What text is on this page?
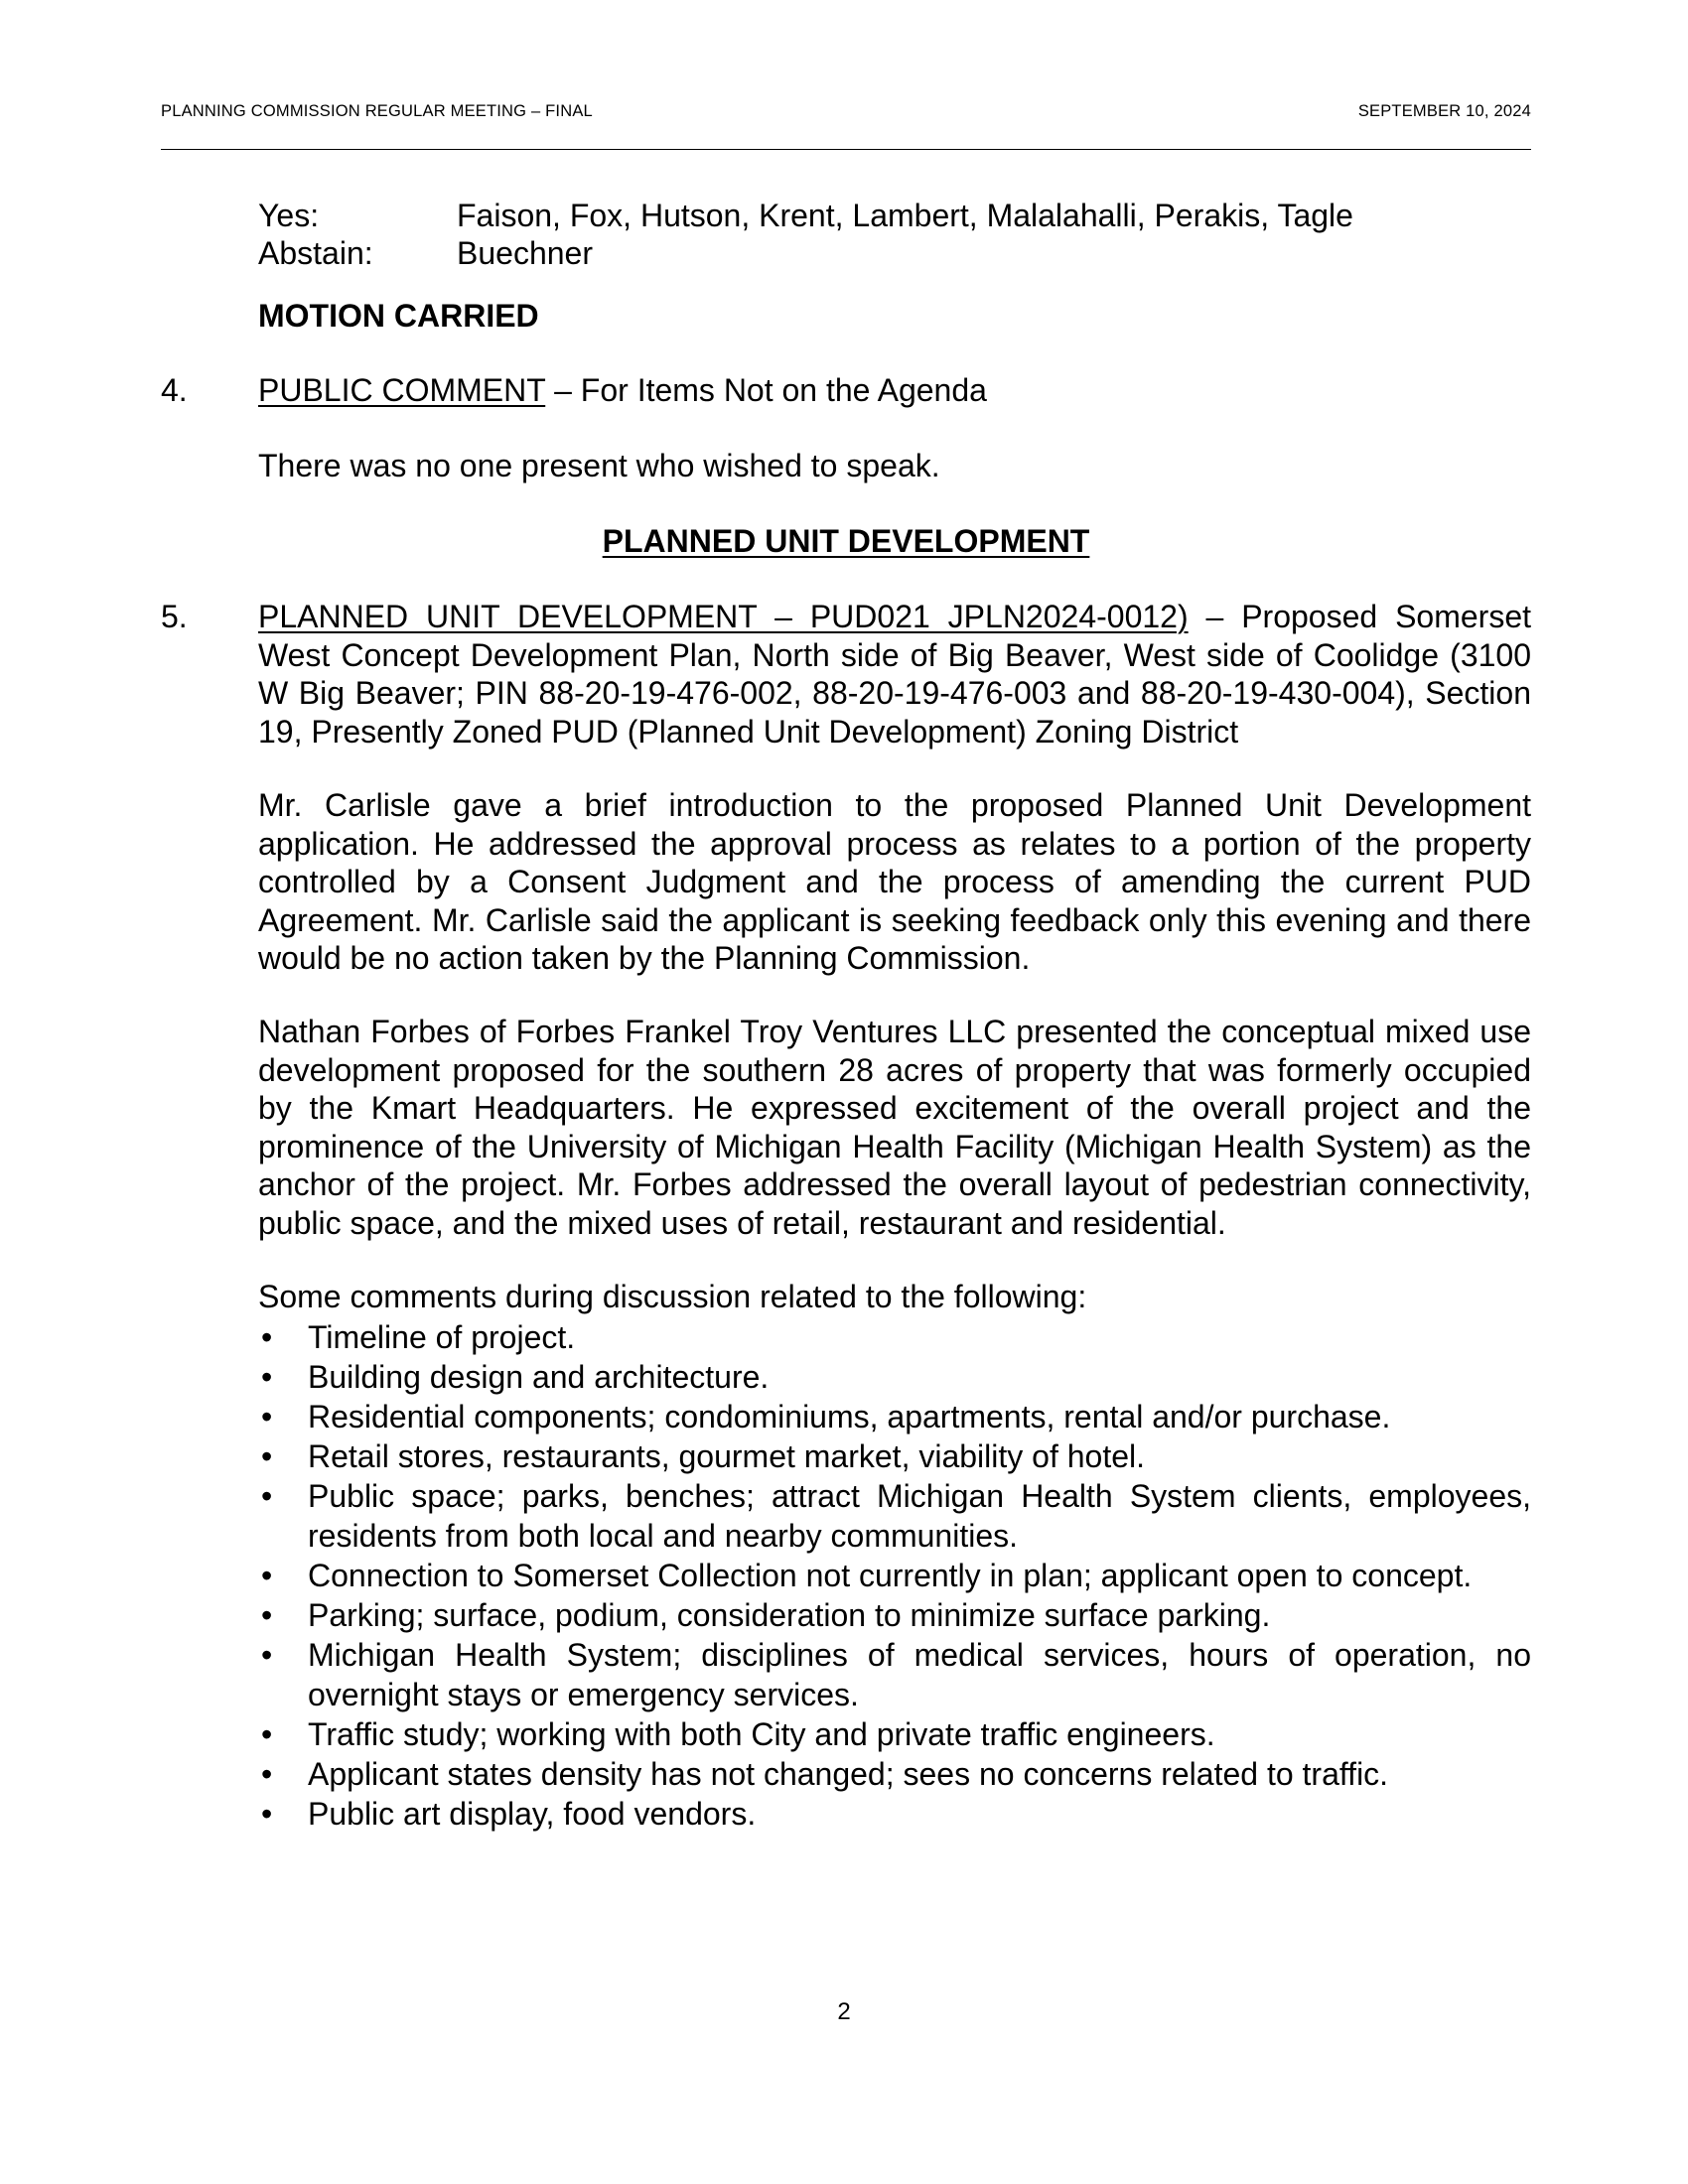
PLANNING COMMISSION REGULAR MEETING – FINAL	SEPTEMBER 10, 2024
Yes:	Faison, Fox, Hutson, Krent, Lambert, Malalahalli, Perakis, Tagle
Abstain:	Buechner
MOTION CARRIED
4. PUBLIC COMMENT – For Items Not on the Agenda
There was no one present who wished to speak.
PLANNED UNIT DEVELOPMENT
5. PLANNED UNIT DEVELOPMENT – PUD021 JPLN2024-0012) – Proposed Somerset West Concept Development Plan, North side of Big Beaver, West side of Coolidge (3100 W Big Beaver; PIN 88-20-19-476-002, 88-20-19-476-003 and 88-20-19-430-004), Section 19, Presently Zoned PUD (Planned Unit Development) Zoning District
Mr. Carlisle gave a brief introduction to the proposed Planned Unit Development application. He addressed the approval process as relates to a portion of the property controlled by a Consent Judgment and the process of amending the current PUD Agreement. Mr. Carlisle said the applicant is seeking feedback only this evening and there would be no action taken by the Planning Commission.
Nathan Forbes of Forbes Frankel Troy Ventures LLC presented the conceptual mixed use development proposed for the southern 28 acres of property that was formerly occupied by the Kmart Headquarters. He expressed excitement of the overall project and the prominence of the University of Michigan Health Facility (Michigan Health System) as the anchor of the project. Mr. Forbes addressed the overall layout of pedestrian connectivity, public space, and the mixed uses of retail, restaurant and residential.
Some comments during discussion related to the following:
• Timeline of project.
• Building design and architecture.
• Residential components; condominiums, apartments, rental and/or purchase.
• Retail stores, restaurants, gourmet market, viability of hotel.
• Public space; parks, benches; attract Michigan Health System clients, employees, residents from both local and nearby communities.
• Connection to Somerset Collection not currently in plan; applicant open to concept.
• Parking; surface, podium, consideration to minimize surface parking.
• Michigan Health System; disciplines of medical services, hours of operation, no overnight stays or emergency services.
• Traffic study; working with both City and private traffic engineers.
• Applicant states density has not changed; sees no concerns related to traffic.
• Public art display, food vendors.
2
